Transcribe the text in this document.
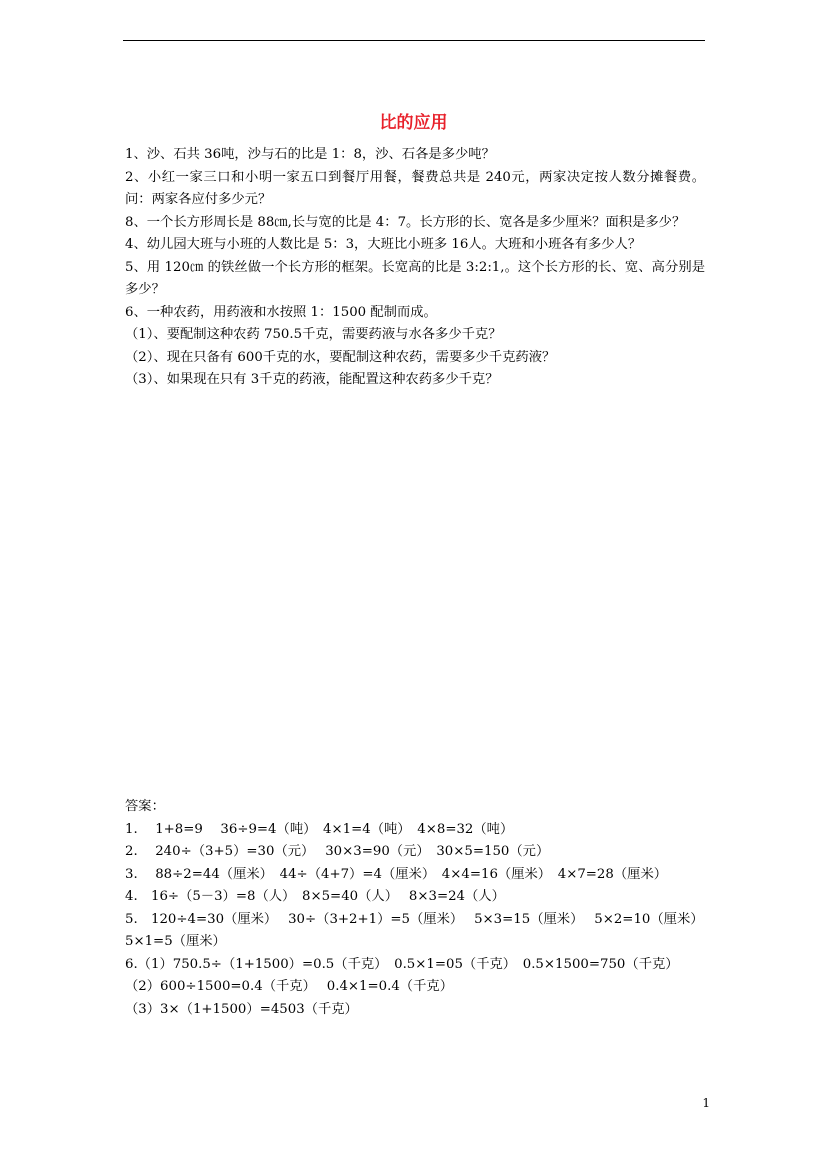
比的应用

1、沙、石共 36吨，沙与石的比是 1：8，沙、石各是多少吨？

2、小红一家三口和小明一家五口到餐厅用餐，餐费总共是 240元，两家决定按人数分摊餐费。问：两家各应付多少元？

8、一个长方形周长是 88㎝,长与宽的比是 4：7。长方形的长、宽各是多少厘米？面积是多少？

4、幼儿园大班与小班的人数比是 5：3，大班比小班多 16人。大班和小班各有多少人？

5、用 120㎝ 的铁丝做一个长方形的框架。长宽高的比是 3:2:1,。这个长方形的长、宽、高分别是多少？

6、一种农药，用药液和水按照 1：1500 配制而成。

（1）、要配制这种农药 750.5千克，需要药液与水各多少千克？

（2）、现在只备有 600千克的水，要配制这种农药，需要多少千克药液？

（3）、如果现在只有 3千克的药液，能配置这种农药多少千克？

答案：

1.　 1+8=9　 36÷9=4（吨）　4×1=4（吨）　4×8=32（吨）

2.　 240÷（3+5）=30（元）　 30×3=90（元）　30×5=150（元）

3.　 88÷2=44（厘米）　44÷（4+7）=4（厘米）　4×4=16（厘米）　4×7=28（厘米）

4.　16÷（5－3）=8（人）　8×5=40（人）　 8×3=24（人）

5.　120÷4=30（厘米）　 30÷（3+2+1）=5（厘米）　 5×3=15（厘米）　 5×2=10（厘米）5×1=5（厘米）

6.（1）750.5÷（1+1500）=0.5（千克）　0.5×1=05（千克）　0.5×1500=750（千克）

（2）600÷1500=0.4（千克）　 0.4×1=0.4（千克）

（3）3×（1+1500）=4503（千克）

1
